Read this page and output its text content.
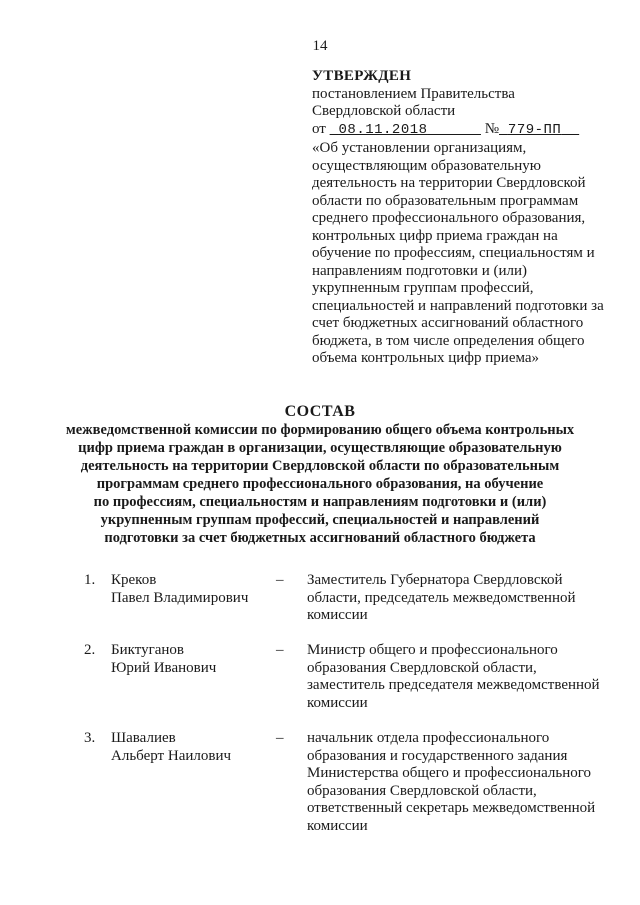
14
УТВЕРЖДЕН
постановлением Правительства
Свердловской области
от 08.11.2018	№ 779-ПП
«Об установлении организациям,
осуществляющим образовательную
деятельность на территории Свердловской
области по образовательным программам
среднего профессионального образования,
контрольных цифр приема граждан на
обучение по профессиям, специальностям и
направлениям подготовки и (или)
укрупненным группам профессий,
специальностей и направлений подготовки за
счет бюджетных ассигнований областного
бюджета, в том числе определения общего
объема контрольных цифр приема»
СОСТАВ
межведомственной комиссии по формированию общего объема контрольных
цифр приема граждан в организации, осуществляющие образовательную
деятельность на территории Свердловской области по образовательным
программам среднего профессионального образования, на обучение
по профессиям, специальностям и направлениям подготовки и (или)
укрупненным группам профессий, специальностей и направлений
подготовки за счет бюджетных ассигнований областного бюджета
1. Креков
Павел Владимирович
– Заместитель Губернатора Свердловской
области, председатель межведомственной
комиссии
2. Биктуганов
Юрий Иванович
– Министр общего и профессионального
образования Свердловской области,
заместитель председателя межведомственной
комиссии
3. Шавалиев
Альберт Наилович
– начальник отдела профессионального
образования и государственного задания
Министерства общего и профессионального
образования Свердловской области,
ответственный секретарь межведомственной
комиссии
